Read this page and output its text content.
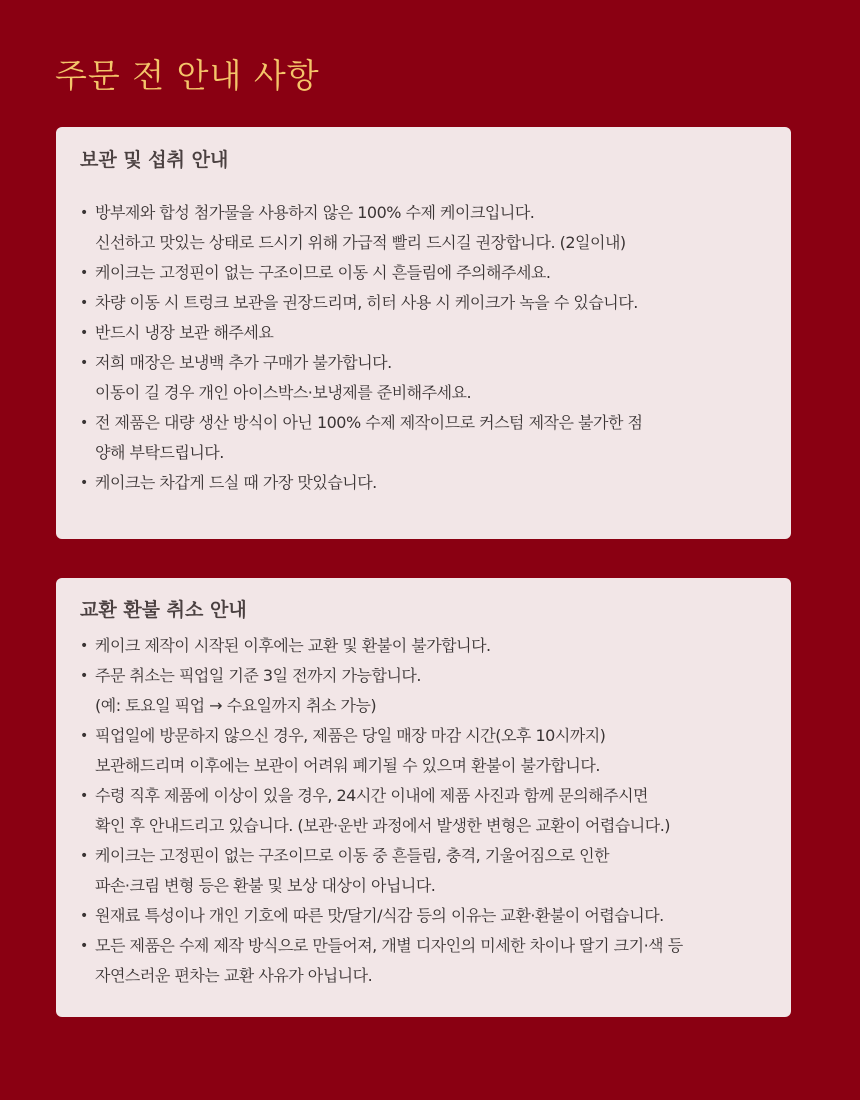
주문 전 안내 사항
보관 및 섭취 안내
• 방부제와 합성 첨가물을 사용하지 않은 100% 수제 케이크입니다.
신선하고 맛있는 상태로 드시기 위해 가급적 빨리 드시길 권장합니다. (2일이내)
• 케이크는 고정핀이 없는 구조이므로 이동 시 흔들림에 주의해주세요.
• 차량 이동 시 트렁크 보관을 권장드리며, 히터 사용 시 케이크가 녹을 수 있습니다.
• 반드시 냉장 보관 해주세요
• 저희 매장은 보냉백 추가 구매가 불가합니다.
이동이 길 경우 개인 아이스박스·보냉제를 준비해주세요.
• 전 제품은 대량 생산 방식이 아닌 100% 수제 제작이므로 커스텀 제작은 불가한 점
양해 부탁드립니다.
• 케이크는 차갑게 드실 때 가장 맛있습니다.
교환 환불 취소 안내
• 케이크 제작이 시작된 이후에는 교환 및 환불이 불가합니다.
• 주문 취소는 픽업일 기준 3일 전까지 가능합니다.
(예: 토요일 픽업 → 수요일까지 취소 가능)
• 픽업일에 방문하지 않으신 경우, 제품은 당일 매장 마감 시간(오후 10시까지)
보관해드리며 이후에는 보관이 어려워 폐기될 수 있으며 환불이 불가합니다.
• 수령 직후 제품에 이상이 있을 경우, 24시간 이내에 제품 사진과 함께 문의해주시면
확인 후 안내드리고 있습니다. (보관·운반 과정에서 발생한 변형은 교환이 어렵습니다.)
• 케이크는 고정핀이 없는 구조이므로 이동 중 흔들림, 충격, 기울어짐으로 인한
파손·크림 변형 등은 환불 및 보상 대상이 아닙니다.
• 원재료 특성이나 개인 기호에 따른 맛/달기/식감 등의 이유는 교환·환불이 어렵습니다.
• 모든 제품은 수제 제작 방식으로 만들어져, 개별 디자인의 미세한 차이나 딸기 크기·색 등
자연스러운 편차는 교환 사유가 아닙니다.
